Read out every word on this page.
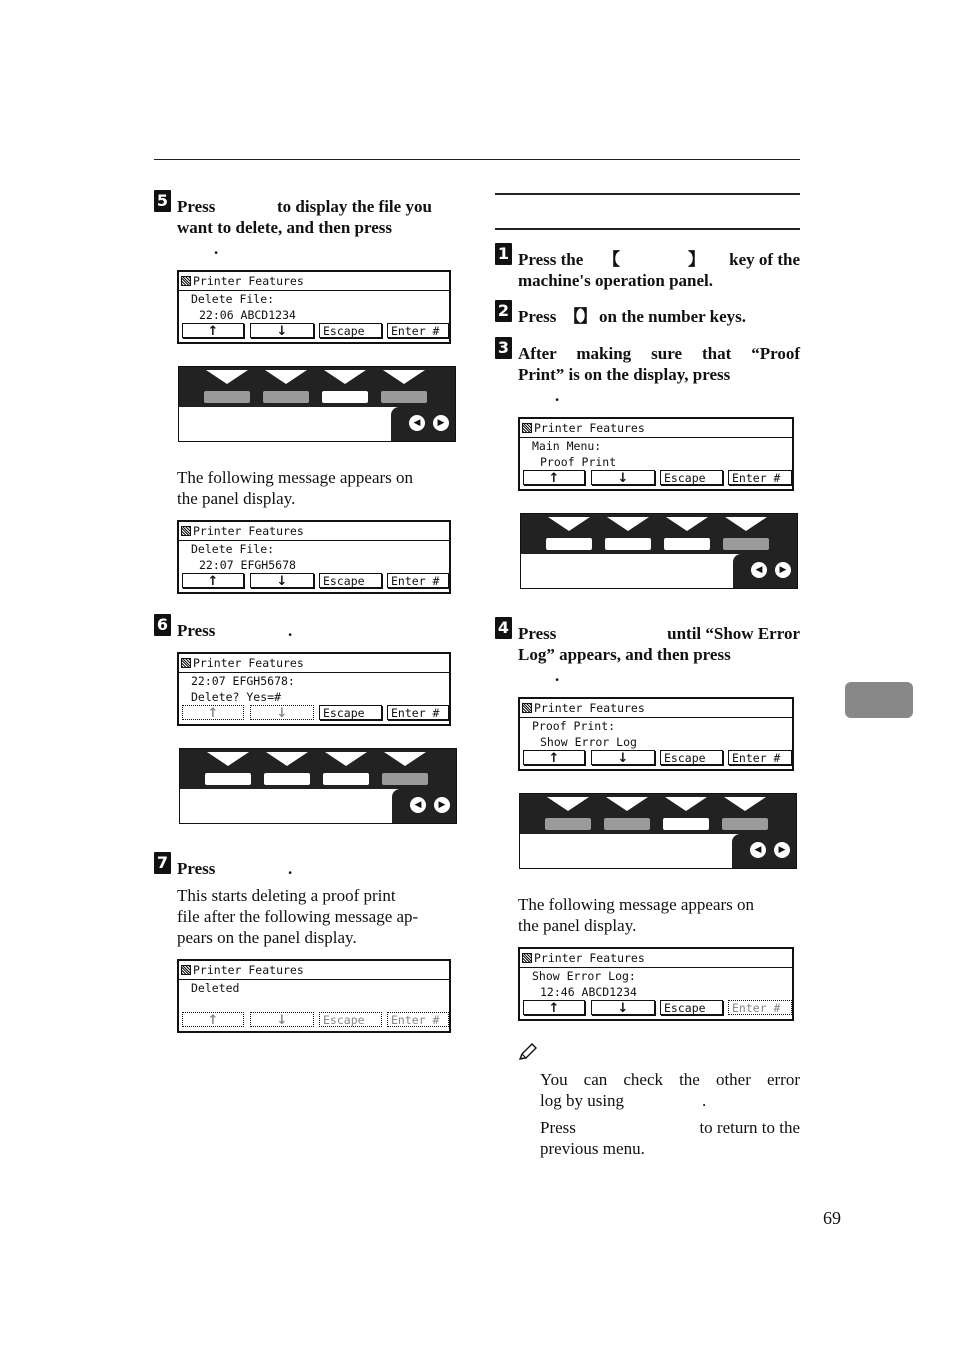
5 Press	to display the file you
want to delete, and then press
.
Printer Features
Delete File:
22:06 ABCD1234
↑	↓	Escape	Enter #
◀	▶
The following message appears on
the panel display.
Printer Features
Delete File:
22:07 EFGH5678
↑	↓	Escape	Enter #
6 Press	.
Printer Features
22:07 EFGH5678:
Delete? Yes=#
↑	↓	Escape	Enter #
◀	▶
7 Press	.
This starts deleting a proof print
file after the following message ap-
pears on the panel display.
Printer Features
Deleted
↑	↓	Escape	Enter #
1 Press the 【	】	key of the
machine's operation panel.
2 Press 【 】 on the number keys.
3 After making sure that “Proof
Print” is on the display, press
.
Printer Features
Main Menu:
Proof Print
↑	↓	Escape	Enter #
◀	▶
4 Press	until “Show Error
Log” appears, and then press
.
Printer Features
Proof Print:
Show Error Log
↑	↓	Escape	Enter #
◀	▶
The following message appears on
the panel display.
Printer Features
Show Error Log:
12:46 ABCD1234
↑	↓	Escape	Enter #
You can check the other error
log by using	.
Press	to return to the
previous menu.
69
